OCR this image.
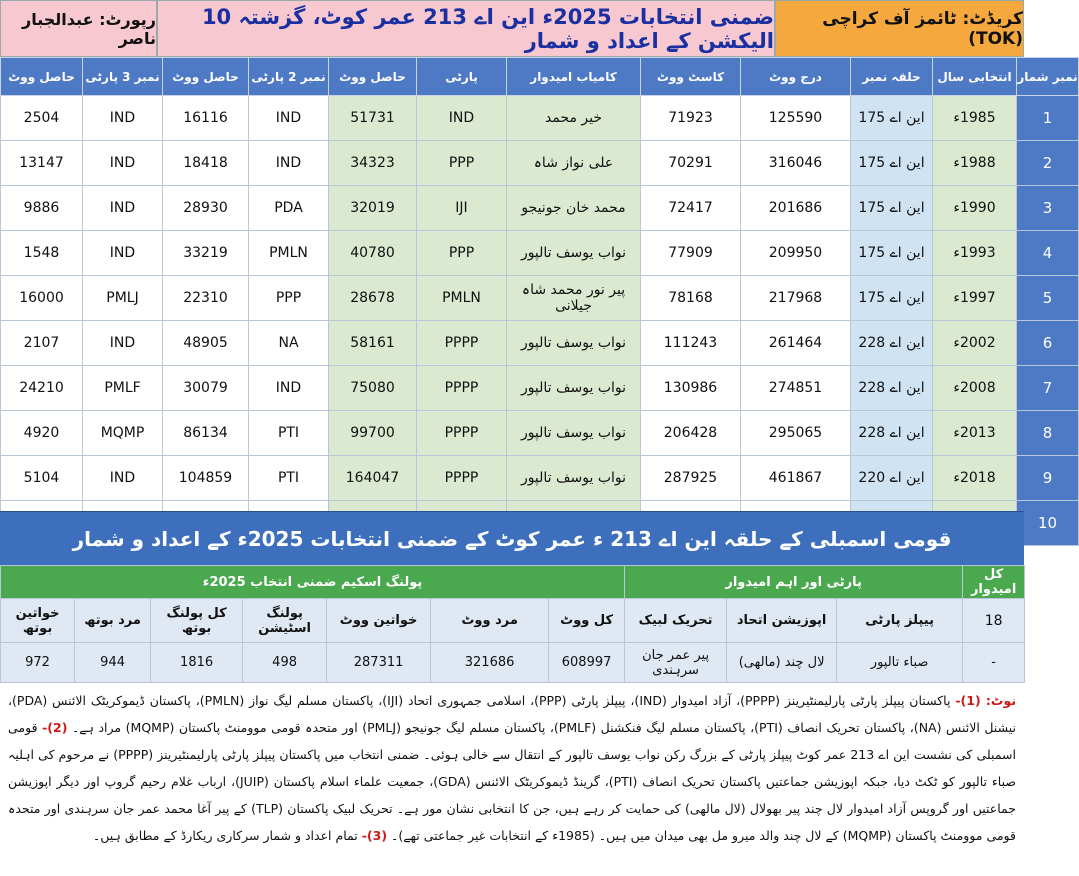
رپورٹ: عبدالجبار ناصر
ضمنی انتخابات 2025ء این اے 213 عمر کوٹ، گزشتہ 10 الیکشن کے اعداد و شمار
کریڈٹ: ٹائمز آف کراچی (TOK)
نمبر شمار	انتخابی سال	حلقہ نمبر	درج ووٹ	کاسٹ ووٹ	کامیاب امیدوار	پارٹی	حاصل ووٹ	نمبر 2 پارٹی	حاصل ووٹ	نمبر 3 پارٹی	حاصل ووٹ
1	1985ء	این اے 175	125590	71923	خیر محمد	IND	51731	IND	16116	IND	2504
2	1988ء	این اے 175	316046	70291	علی نواز شاہ	PPP	34323	IND	18418	IND	13147
3	1990ء	این اے 175	201686	72417	محمد خان جونیجو	IJI	32019	PDA	28930	IND	9886
4	1993ء	این اے 175	209950	77909	نواب یوسف تالپور	PPP	40780	PMLN	33219	IND	1548
5	1997ء	این اے 175	217968	78168	پیر نور محمد شاہ جیلانی	PMLN	28678	PPP	22310	PMLJ	16000
6	2002ء	این اے 228	261464	111243	نواب یوسف تالپور	PPPP	58161	NA	48905	IND	2107
7	2008ء	این اے 228	274851	130986	نواب یوسف تالپور	PPPP	75080	IND	30079	PMLF	24210
8	2013ء	این اے 228	295065	206428	نواب یوسف تالپور	PPPP	99700	PTI	86134	MQMP	4920
9	2018ء	این اے 220	461867	287925	نواب یوسف تالپور	PPPP	164047	PTI	104859	IND	5104
10											
قومی اسمبلی کے حلقہ این اے 213 ء عمر کوٹ کے ضمنی انتخابات 2025ء کے اعداد و شمار
کل امیدوار	پارٹی اور اہم امیدوار			پولنگ اسکیم ضمنی انتخاب 2025ء						
18	پیپلز پارٹی	اپوزیشن اتحاد	تحریک لبیک	کل ووٹ	مرد ووٹ	خواتین ووٹ	پولنگ اسٹیشن	کل پولنگ بوتھ	مرد بوتھ	خواتین بوتھ
-	صباء تالپور	لال چند (مالھی)	پیر عمر جان سرہندی	608997	321686	287311	498	1816	944	972
نوٹ: (1)- پاکستان پیپلز پارٹی پارلیمنٹیرینز (PPPP)، آزاد امیدوار (IND)، پیپلز پارٹی (PPP)، اسلامی جمہوری اتحاد (IJI)، پاکستان مسلم لیگ نواز (PMLN)، پاکستان ڈیموکریٹک الائنس (PDA)، نیشنل الائنس (NA)، پاکستان تحریک انصاف (PTI)، پاکستان مسلم لیگ فنکشنل (PMLF)، پاکستان مسلم لیگ جونیجو (PMLJ) اور متحدہ قومی موومنٹ پاکستان (MQMP) مراد ہے۔ (2)- قومی اسمبلی کی نشست این اے 213 عمر کوٹ پیپلز پارٹی کے بزرگ رکن نواب یوسف تالپور کے انتقال سے خالی ہوئی۔ ضمنی انتخاب میں پاکستان پیپلز پارٹی پارلیمنٹیرینز (PPPP) نے مرحوم کی اہلیہ صباء تالپور کو ٹکٹ دیا، جبکہ اپوزیشن جماعتیں پاکستان تحریک انصاف (PTI)، گرینڈ ڈیموکریٹک الائنس (GDA)، جمعیت علماء اسلام پاکستان (JUIP)، ارباب غلام رحیم گروپ اور دیگر اپوزیشن جماعتیں اور گروپس آزاد امیدوار لال چند پیر بھولال (لال مالھی) کی حمایت کر رہے ہیں، جن کا انتخابی نشان مور ہے۔ تحریک لبیک پاکستان (TLP) کے پیر آغا محمد عمر جان سرہندی اور متحدہ قومی موومنٹ پاکستان (MQMP) کے لال چند والد میرو مل بھی میدان میں ہیں۔ (1985ء کے انتخابات غیر جماعتی تھے)۔ (3)- تمام اعداد و شمار سرکاری ریکارڈ کے مطابق ہیں۔
